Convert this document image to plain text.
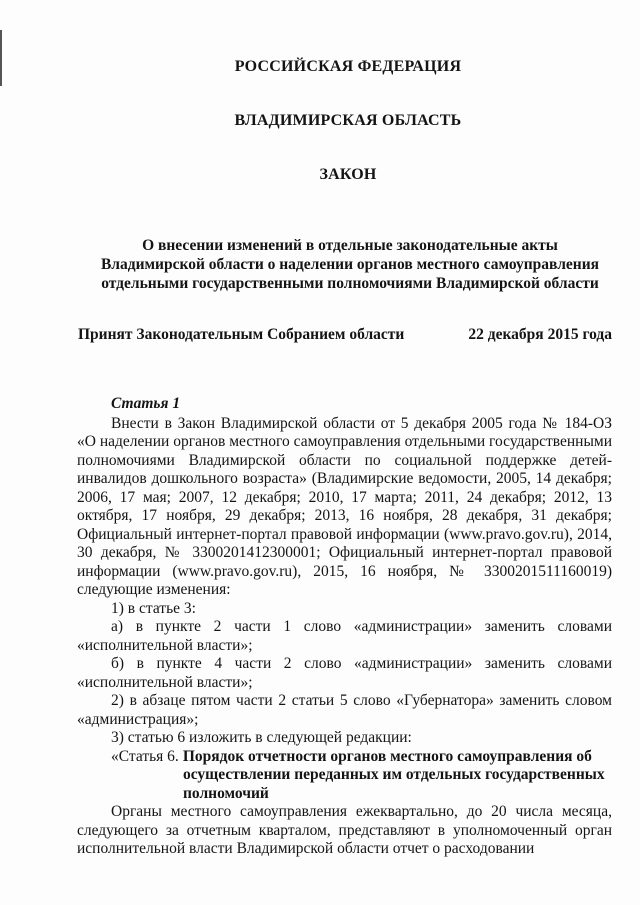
РОССИЙСКАЯ ФЕДЕРАЦИЯ
ВЛАДИМИРСКАЯ ОБЛАСТЬ
ЗАКОН
О внесении изменений в отдельные законодательные акты
Владимирской области о наделении органов местного самоуправления
отдельными государственными полномочиями Владимирской области
Принят Законодательным Собранием области	22 декабря 2015 года

Статья 1

Внести в Закон Владимирской области от 5 декабря 2005 года № 184-ОЗ «О наделении органов местного самоуправления отдельными государственными полномочиями Владимирской области по социальной поддержке детей-инвалидов дошкольного возраста» (Владимирские ведомости, 2005, 14 декабря; 2006, 17 мая; 2007, 12 декабря; 2010, 17 марта; 2011, 24 декабря; 2012, 13 октября, 17 ноября, 29 декабря; 2013, 16 ноября, 28 декабря, 31 декабря; Официальный интернет-портал правовой информации (www.pravo.gov.ru), 2014, 30 декабря, № 3300201412300001; Официальный интернет-портал правовой информации (www.pravo.gov.ru), 2015, 16 ноября, № 3300201511160019) следующие изменения:

1) в статье 3:

а) в пункте 2 части 1 слово «администрации» заменить словами «исполнительной власти»;

б) в пункте 4 части 2 слово «администрации» заменить словами «исполнительной власти»;

2) в абзаце пятом части 2 статьи 5 слово «Губернатора» заменить словом «администрация»;

3) статью 6 изложить в следующей редакции:

«Статья 6. Порядок отчетности органов местного самоуправления об
осуществлении переданных им отдельных государственных
полномочий

Органы местного самоуправления ежеквартально, до 20 числа месяца, следующего за отчетным кварталом, представляют в уполномоченный орган исполнительной власти Владимирской области отчет о расходовании
